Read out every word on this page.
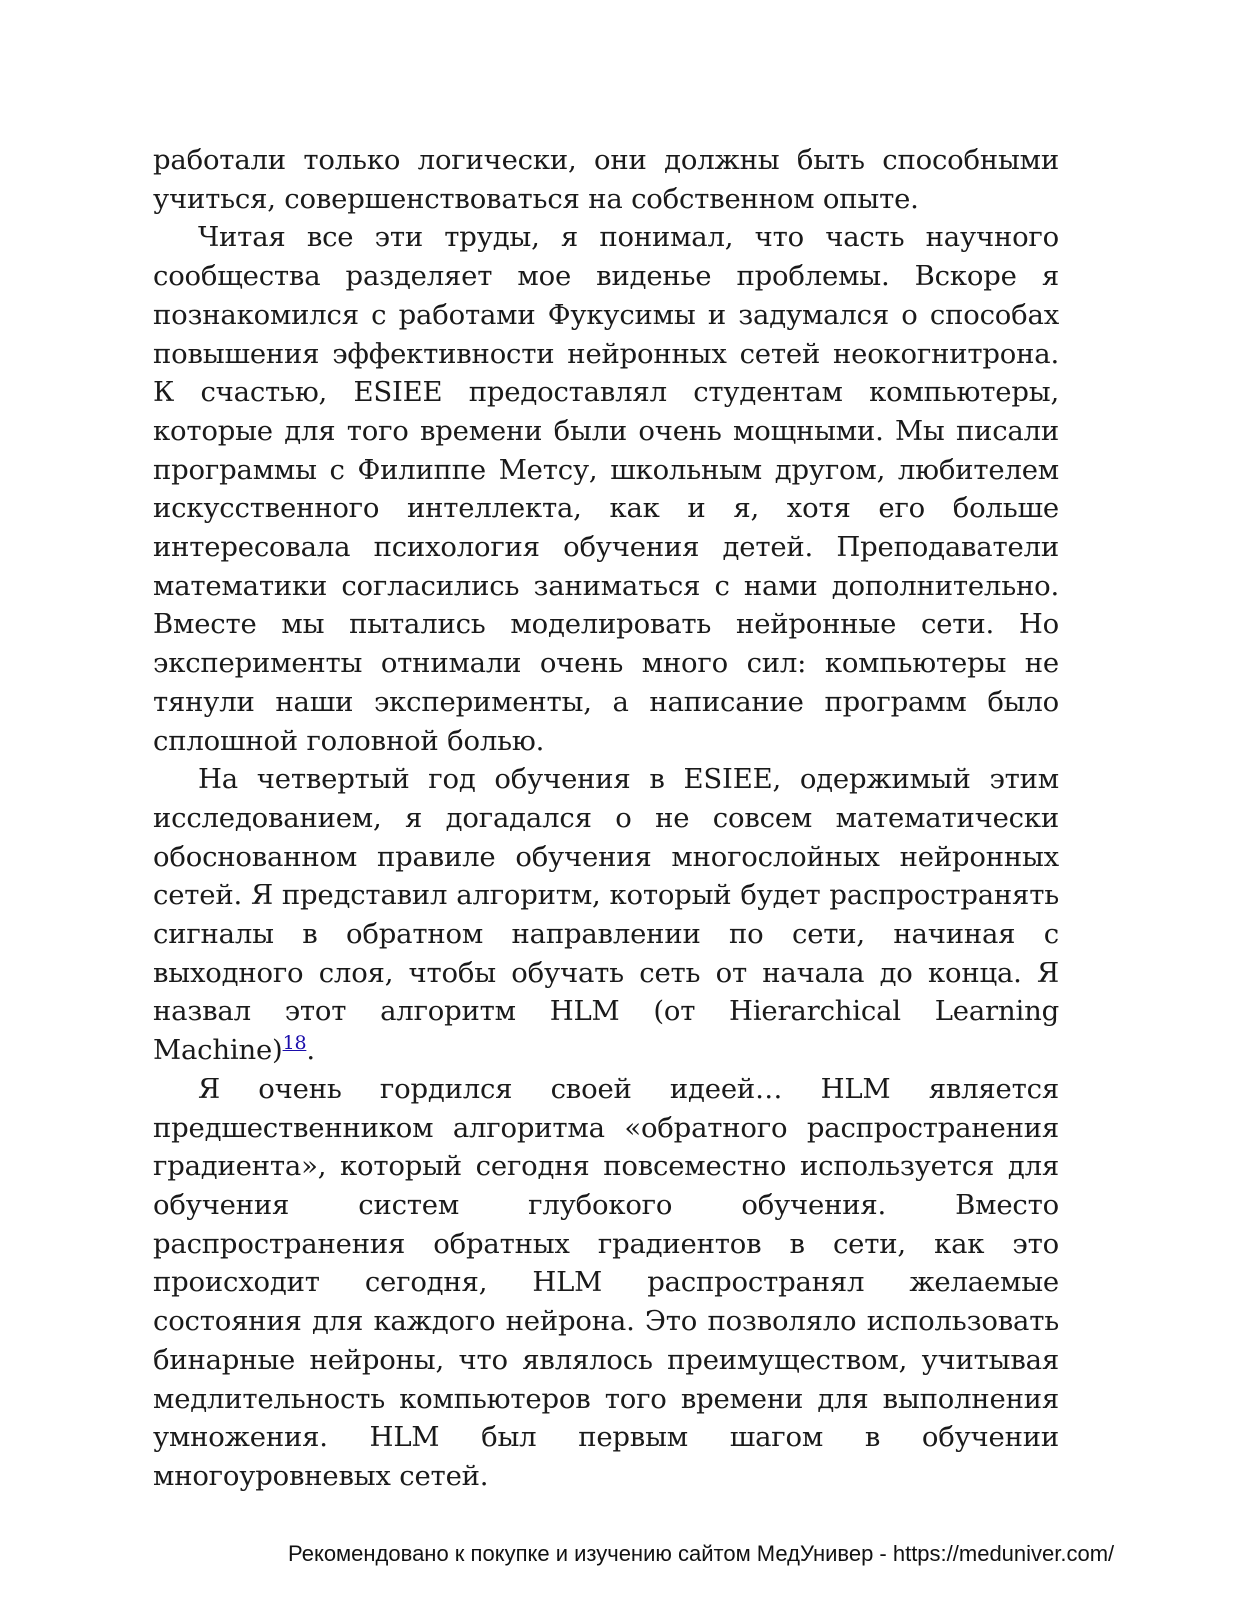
работали только логически, они должны быть способными учиться, совершенствоваться на собственном опыте.

Читая все эти труды, я понимал, что часть научного сообщества разделяет мое виденье проблемы. Вскоре я познакомился с работами Фукусимы и задумался о способах повышения эффективности нейронных сетей неокогнитрона. К счастью, ESIEE предоставлял студентам компьютеры, которые для того времени были очень мощными. Мы писали программы с Филиппе Метсу, школьным другом, любителем искусственного интеллекта, как и я, хотя его больше интересовала психология обучения детей. Преподаватели математики согласились заниматься с нами дополнительно. Вместе мы пытались моделировать нейронные сети. Но эксперименты отнимали очень много сил: компьютеры не тянули наши эксперименты, а написание программ было сплошной головной болью.

На четвертый год обучения в ESIEE, одержимый этим исследованием, я догадался о не совсем математически обоснованном правиле обучения многослойных нейронных сетей. Я представил алгоритм, который будет распространять сигналы в обратном направлении по сети, начиная с выходного слоя, чтобы обучать сеть от начала до конца. Я назвал этот алгоритм HLM (от Hierarchical Learning Machine)$^{18}$.

Я очень гордился своей идеей… HLM является предшественником алгоритма «обратного распространения градиента», который сегодня повсеместно используется для обучения систем глубокого обучения. Вместо распространения обратных градиентов в сети, как это происходит сегодня, HLM распространял желаемые состояния для каждого нейрона. Это позволяло использовать бинарные нейроны, что являлось преимуществом, учитывая медлительность компьютеров того времени для выполнения умножения. HLM был первым шагом в обучении многоуровневых сетей.

Рекомендовано к покупке и изучению сайтом МедУнивер - https://meduniver.com/
